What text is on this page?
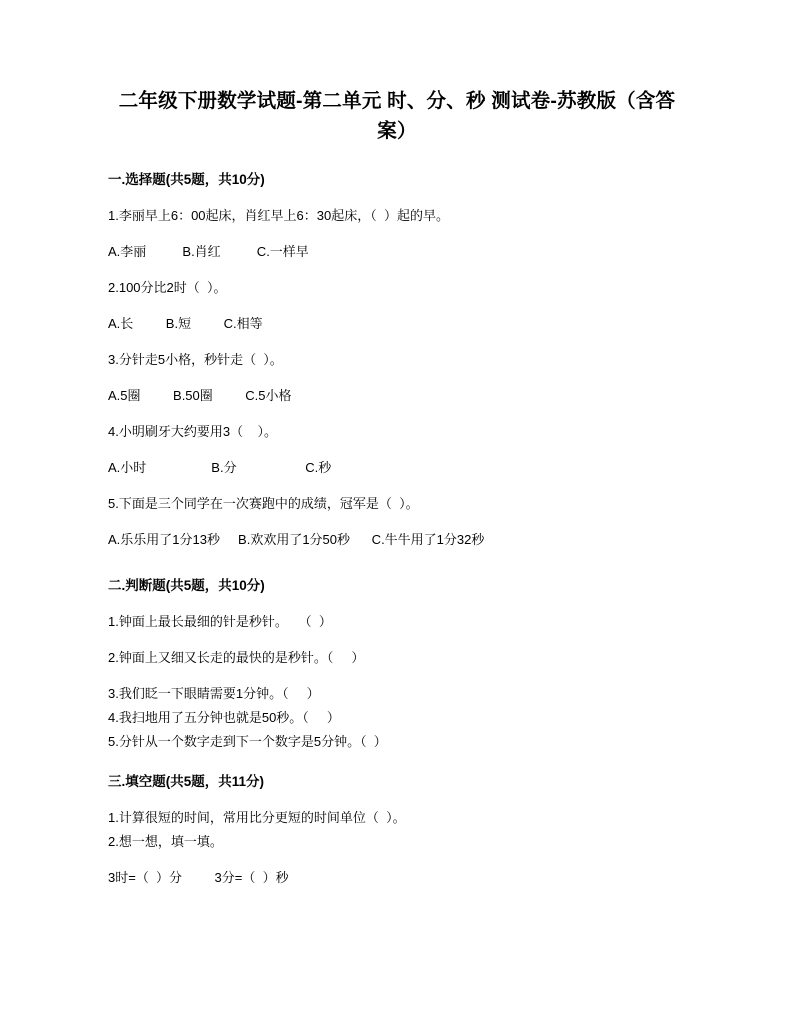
二年级下册数学试题-第二单元 时、分、秒 测试卷-苏教版（含答案）
一.选择题(共5题，共10分)
1.李丽早上6：00起床，肖红早上6：30起床，（  ）起的早。
A.李丽          B.肖红          C.一样早
2.100分比2时（  ）。
A.长         B.短         C.相等
3.分针走5小格，秒针走（  ）。
A.5圈         B.50圈         C.5小格
4.小明刷牙大约要用3（    ）。
A.小时                  B.分                   C.秒
5.下面是三个同学在一次赛跑中的成绩，冠军是（  ）。
A.乐乐用了1分13秒     B.欢欢用了1分50秒      C.牛牛用了1分32秒
二.判断题(共5题，共10分)
1.钟面上最长最细的针是秒针。   （  ）
2.钟面上又细又长走的最快的是秒针。（     ）
3.我们眨一下眼睛需要1分钟。（     ）
4.我扫地用了五分钟也就是50秒。（     ）
5.分针从一个数字走到下一个数字是5分钟。（  ）
三.填空题(共5题，共11分)
1.计算很短的时间，常用比分更短的时间单位（  ）。
2.想一想，填一填。
3时=（  ）分         3分=（  ）秒
